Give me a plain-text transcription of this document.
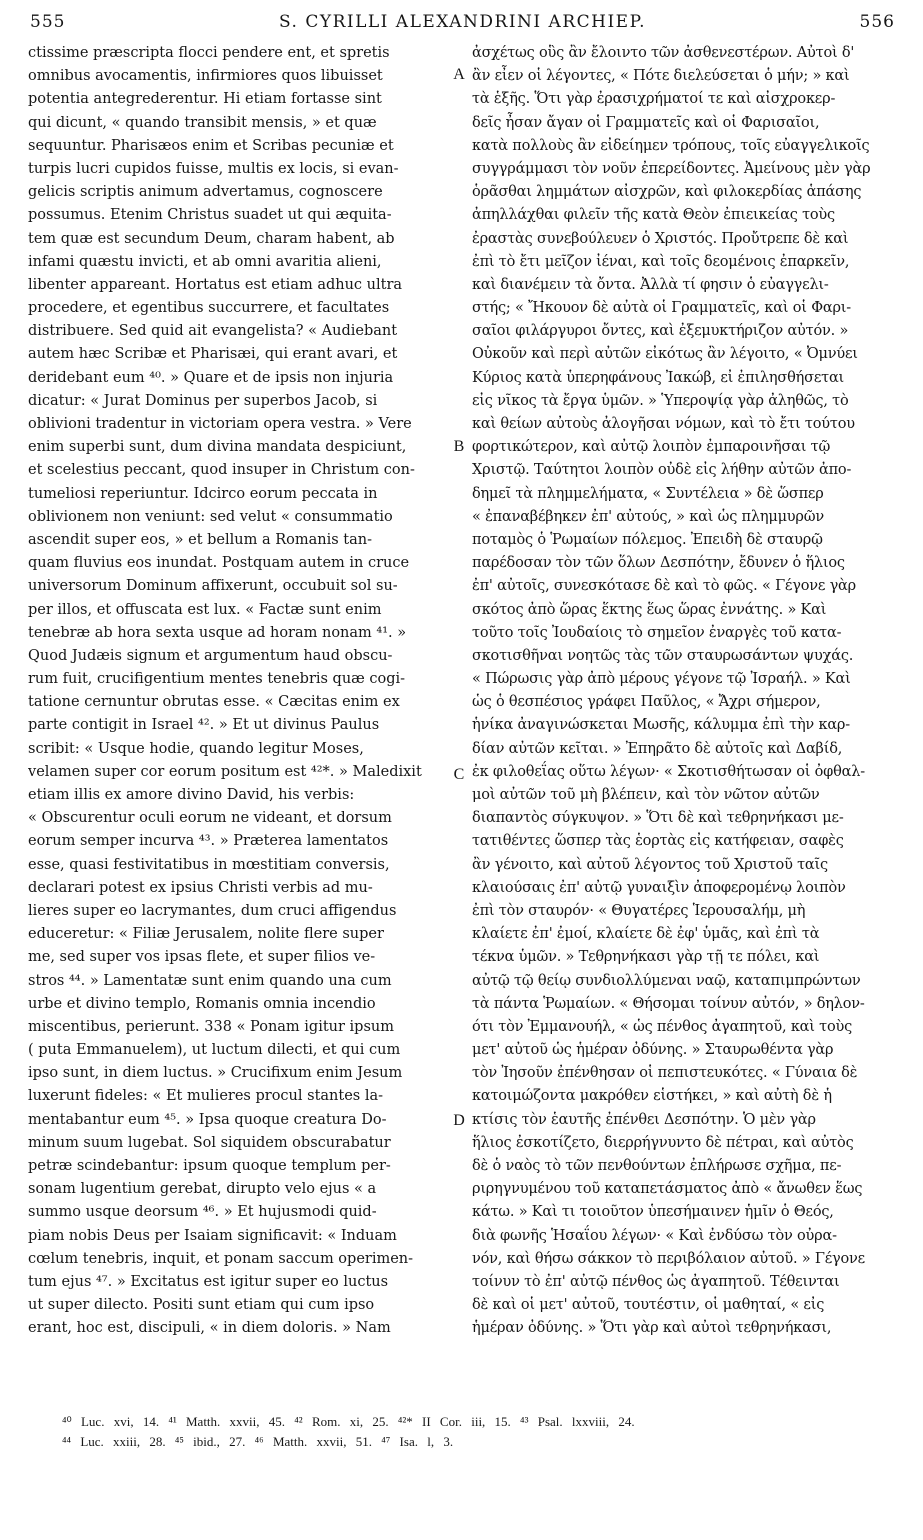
555	S. CYRILLI ALEXANDRINI ARCHIEP.	556
ctissime præscripta flocci pendere ent, et spretis
omnibus avocamentis, infirmiores quos libuisset
potentia antegrederentur. Hi etiam fortasse sint
qui dicunt, « quando transibit mensis, » et quæ
sequuntur. Pharisæos enim et Scribas pecuniæ et
turpis lucri cupidos fuisse, multis ex locis, si evan-
gelicis scriptis animum advertamus, cognoscere
possumus. Etenim Christus suadet ut qui æquita-
tem quæ est secundum Deum, charam habent, ab
infami quæstu invicti, et ab omni avaritia alieni,
libenter appareant. Hortatus est etiam adhuc ultra
procedere, et egentibus succurrere, et facultates
distribuere. Sed quid ait evangelista? « Audiebant
autem hæc Scribæ et Pharisæi, qui erant avari, et
deridebant eum ⁴⁰. » Quare et de ipsis non injuria
dicatur: « Jurat Dominus per superbos Jacob, si
oblivioni tradentur in victoriam opera vestra. » Vere
enim superbi sunt, dum divina mandata despiciunt,
et scelestius peccant, quod insuper in Christum con-
tumeliosi reperiuntur. Idcirco eorum peccata in
oblivionem non veniunt: sed velut « consummatio
ascendit super eos, » et bellum a Romanis tan-
quam fluvius eos inundat. Postquam autem in cruce
universorum Dominum affixerunt, occubuit sol su-
per illos, et offuscata est lux. « Factæ sunt enim
tenebræ ab hora sexta usque ad horam nonam ⁴¹. »
Quod Judæis signum et argumentum haud obscu-
rum fuit, crucifigentium mentes tenebris quæ cogi-
tatione cernuntur obrutas esse. « Cæcitas enim ex
parte contigit in Israel ⁴². » Et ut divinus Paulus
scribit: « Usque hodie, quando legitur Moses,
velamen super cor eorum positum est ⁴²*. » Maledixit
etiam illis ex amore divino David, his verbis:
« Obscurentur oculi eorum ne videant, et dorsum
eorum semper incurva ⁴³. » Præterea lamentatos
esse, quasi festivitatibus in mœstitiam conversis,
declarari potest ex ipsius Christi verbis ad mu-
lieres super eo lacrymantes, dum cruci affigendus
educeretur: « Filiæ Jerusalem, nolite flere super
me, sed super vos ipsas flete, et super filios ve-
stros ⁴⁴. » Lamentatæ sunt enim quando una cum
urbe et divino templo, Romanis omnia incendio
miscentibus, perierunt. 338 « Ponam igitur ipsum
( puta Emmanuelem), ut luctum dilecti, et qui cum
ipso sunt, in diem luctus. » Crucifixum enim Jesum
luxerunt fideles: « Et mulieres procul stantes la-
mentabantur eum ⁴⁵. » Ipsa quoque creatura Do-
minum suum lugebat. Sol siquidem obscurabatur
petræ scindebantur: ipsum quoque templum per-
sonam lugentium gerebat, dirupto velo ejus « a
summo usque deorsum ⁴⁶. » Et hujusmodi quid-
piam nobis Deus per Isaiam significavit: « Induam
cœlum tenebris, inquit, et ponam saccum operimen-
tum ejus ⁴⁷. » Excitatus est igitur super eo luctus
ut super dilecto. Positi sunt etiam qui cum ipso
erant, hoc est, discipuli, « in diem doloris. » Nam
A
B
C
D
ἀσχέτως οὓς ἂν ἔλοιντο τῶν ἀσθενεστέρων. Αὐτοὶ δ'
ἂν εἶεν οἱ λέγοντες, « Πότε διελεύσεται ὁ μήν; » καὶ
τὰ ἑξῆς. Ὅτι γὰρ ἐρασιχρήματοί τε καὶ αἰσχροκερ-
δεῖς ἦσαν ἄγαν οἱ Γραμματεῖς καὶ οἱ Φαρισαῖοι,
κατὰ πολλοὺς ἂν εἰδείημεν τρόπους, τοῖς εὐαγγελικοῖς
συγγράμμασι τὸν νοῦν ἐπερείδοντες. Ἀμείνους μὲν γὰρ
ὁρᾶσθαι λημμάτων αἰσχρῶν, καὶ φιλοκερδίας ἁπάσης
ἀπηλλάχθαι φιλεῖν τῆς κατὰ Θεὸν ἐπιεικείας τοὺς
ἐραστὰς συνεβούλευεν ὁ Χριστός. Προὔτρεπε δὲ καὶ
ἐπὶ τὸ ἔτι μεῖζον ἰέναι, καὶ τοῖς δεομένοις ἐπαρκεῖν,
καὶ διανέμειν τὰ ὄντα. Ἀλλὰ τί φησιν ὁ εὐαγγελι-
στής; « Ἤκουον δὲ αὐτὰ οἱ Γραμματεῖς, καὶ οἱ Φαρι-
σαῖοι φιλάργυροι ὄντες, καὶ ἐξεμυκτήριζον αὐτόν. »
Οὐκοῦν καὶ περὶ αὐτῶν εἰκότως ἂν λέγοιτο, « Ὀμνύει
Κύριος κατὰ ὑπερηφάνους Ἰακώβ, εἰ ἐπιλησθήσεται
εἰς νῖκος τὰ ἔργα ὑμῶν. » Ὑπεροψίᾳ γὰρ ἀληθῶς, τὸ
καὶ θείων αὐτοὺς ἀλογῆσαι νόμων, καὶ τὸ ἔτι τούτου
φορτικώτερον, καὶ αὐτῷ λοιπὸν ἐμπαροινῆσαι τῷ
Χριστῷ. Ταύτητοι λοιπὸν οὐδὲ εἰς λήθην αὐτῶν ἀπο-
δημεῖ τὰ πλημμελήματα, « Συντέλεια » δὲ ὥσπερ
« ἐπαναβέβηκεν ἐπ' αὐτούς, » καὶ ὡς πλημμυρῶν
ποταμὸς ὁ Ῥωμαίων πόλεμος. Ἐπειδὴ δὲ σταυρῷ
παρέδοσαν τὸν τῶν ὅλων Δεσπότην, ἔδυνεν ὁ ἥλιος
ἐπ' αὐτοῖς, συνεσκότασε δὲ καὶ τὸ φῶς. « Γέγονε γὰρ
σκότος ἀπὸ ὥρας ἕκτης ἕως ὥρας ἐννάτης. » Καὶ
τοῦτο τοῖς Ἰουδαίοις τὸ σημεῖον ἐναργὲς τοῦ κατα-
σκοτισθῆναι νοητῶς τὰς τῶν σταυρωσάντων ψυχάς.
« Πώρωσις γὰρ ἀπὸ μέρους γέγονε τῷ Ἰσραήλ. » Καὶ
ὡς ὁ θεσπέσιος γράφει Παῦλος, « Ἄχρι σήμερον,
ἡνίκα ἀναγινώσκεται Μωσῆς, κάλυμμα ἐπὶ τὴν καρ-
δίαν αὐτῶν κεῖται. » Ἐπηρᾶτο δὲ αὐτοῖς καὶ Δαβίδ,
ἐκ φιλοθεΐας οὕτω λέγων· « Σκοτισθήτωσαν οἱ ὀφθαλ-
μοὶ αὐτῶν τοῦ μὴ βλέπειν, καὶ τὸν νῶτον αὐτῶν
διαπαντὸς σύγκυψον. » Ὅτι δὲ καὶ τεθρηνήκασι με-
τατιθέντες ὥσπερ τὰς ἑορτὰς εἰς κατήφειαν, σαφὲς
ἂν γένοιτο, καὶ αὐτοῦ λέγοντος τοῦ Χριστοῦ ταῖς
κλαιούσαις ἐπ' αὐτῷ γυναιξὶν ἀποφερομένῳ λοιπὸν
ἐπὶ τὸν σταυρόν· « Θυγατέρες Ἱερουσαλήμ, μὴ
κλαίετε ἐπ' ἐμοί, κλαίετε δὲ ἐφ' ὑμᾶς, καὶ ἐπὶ τὰ
τέκνα ὑμῶν. » Τεθρηνήκασι γὰρ τῇ τε πόλει, καὶ
αὐτῷ τῷ θείῳ συνδιολλύμεναι ναῷ, καταπιμπρώντων
τὰ πάντα Ῥωμαίων. « Θήσομαι τοίνυν αὐτόν, » δηλον-
ότι τὸν Ἐμμανουήλ, « ὡς πένθος ἀγαπητοῦ, καὶ τοὺς
μετ' αὐτοῦ ὡς ἡμέραν ὀδύνης. » Σταυρωθέντα γὰρ
τὸν Ἰησοῦν ἐπένθησαν οἱ πεπιστευκότες. « Γύναια δὲ
κατοιμώζοντα μακρόθεν εἱστήκει, » καὶ αὐτὴ δὲ ἡ
κτίσις τὸν ἑαυτῆς ἐπένθει Δεσπότην. Ὁ μὲν γὰρ
ἥλιος ἐσκοτίζετο, διερρήγνυντο δὲ πέτραι, καὶ αὐτὸς
δὲ ὁ ναὸς τὸ τῶν πενθούντων ἐπλήρωσε σχῆμα, πε-
ριρηγνυμένου τοῦ καταπετάσματος ἀπὸ « ἄνωθεν ἕως
κάτω. » Καὶ τι τοιοῦτον ὑπεσήμαινεν ἡμῖν ὁ Θεός,
διὰ φωνῆς Ἡσαΐου λέγων· « Καὶ ἐνδύσω τὸν οὐρα-
νόν, καὶ θήσω σάκκον τὸ περιβόλαιον αὐτοῦ. » Γέγονε
τοίνυν τὸ ἐπ' αὐτῷ πένθος ὡς ἀγαπητοῦ. Τέθεινται
δὲ καὶ οἱ μετ' αὐτοῦ, τουτέστιν, οἱ μαθηταί, « εἰς
ἡμέραν ὀδύνης. » Ὅτι γὰρ καὶ αὐτοὶ τεθρηνήκασι,
⁴⁰ Luc. xvi, 14. ⁴¹ Matth. xxvii, 45. ⁴² Rom. xi, 25. ⁴²* II Cor. iii, 15. ⁴³ Psal. lxxviii, 24.
⁴⁴ Luc. xxiii, 28. ⁴⁵ ibid., 27. ⁴⁶ Matth. xxvii, 51. ⁴⁷ Isa. l, 3.
